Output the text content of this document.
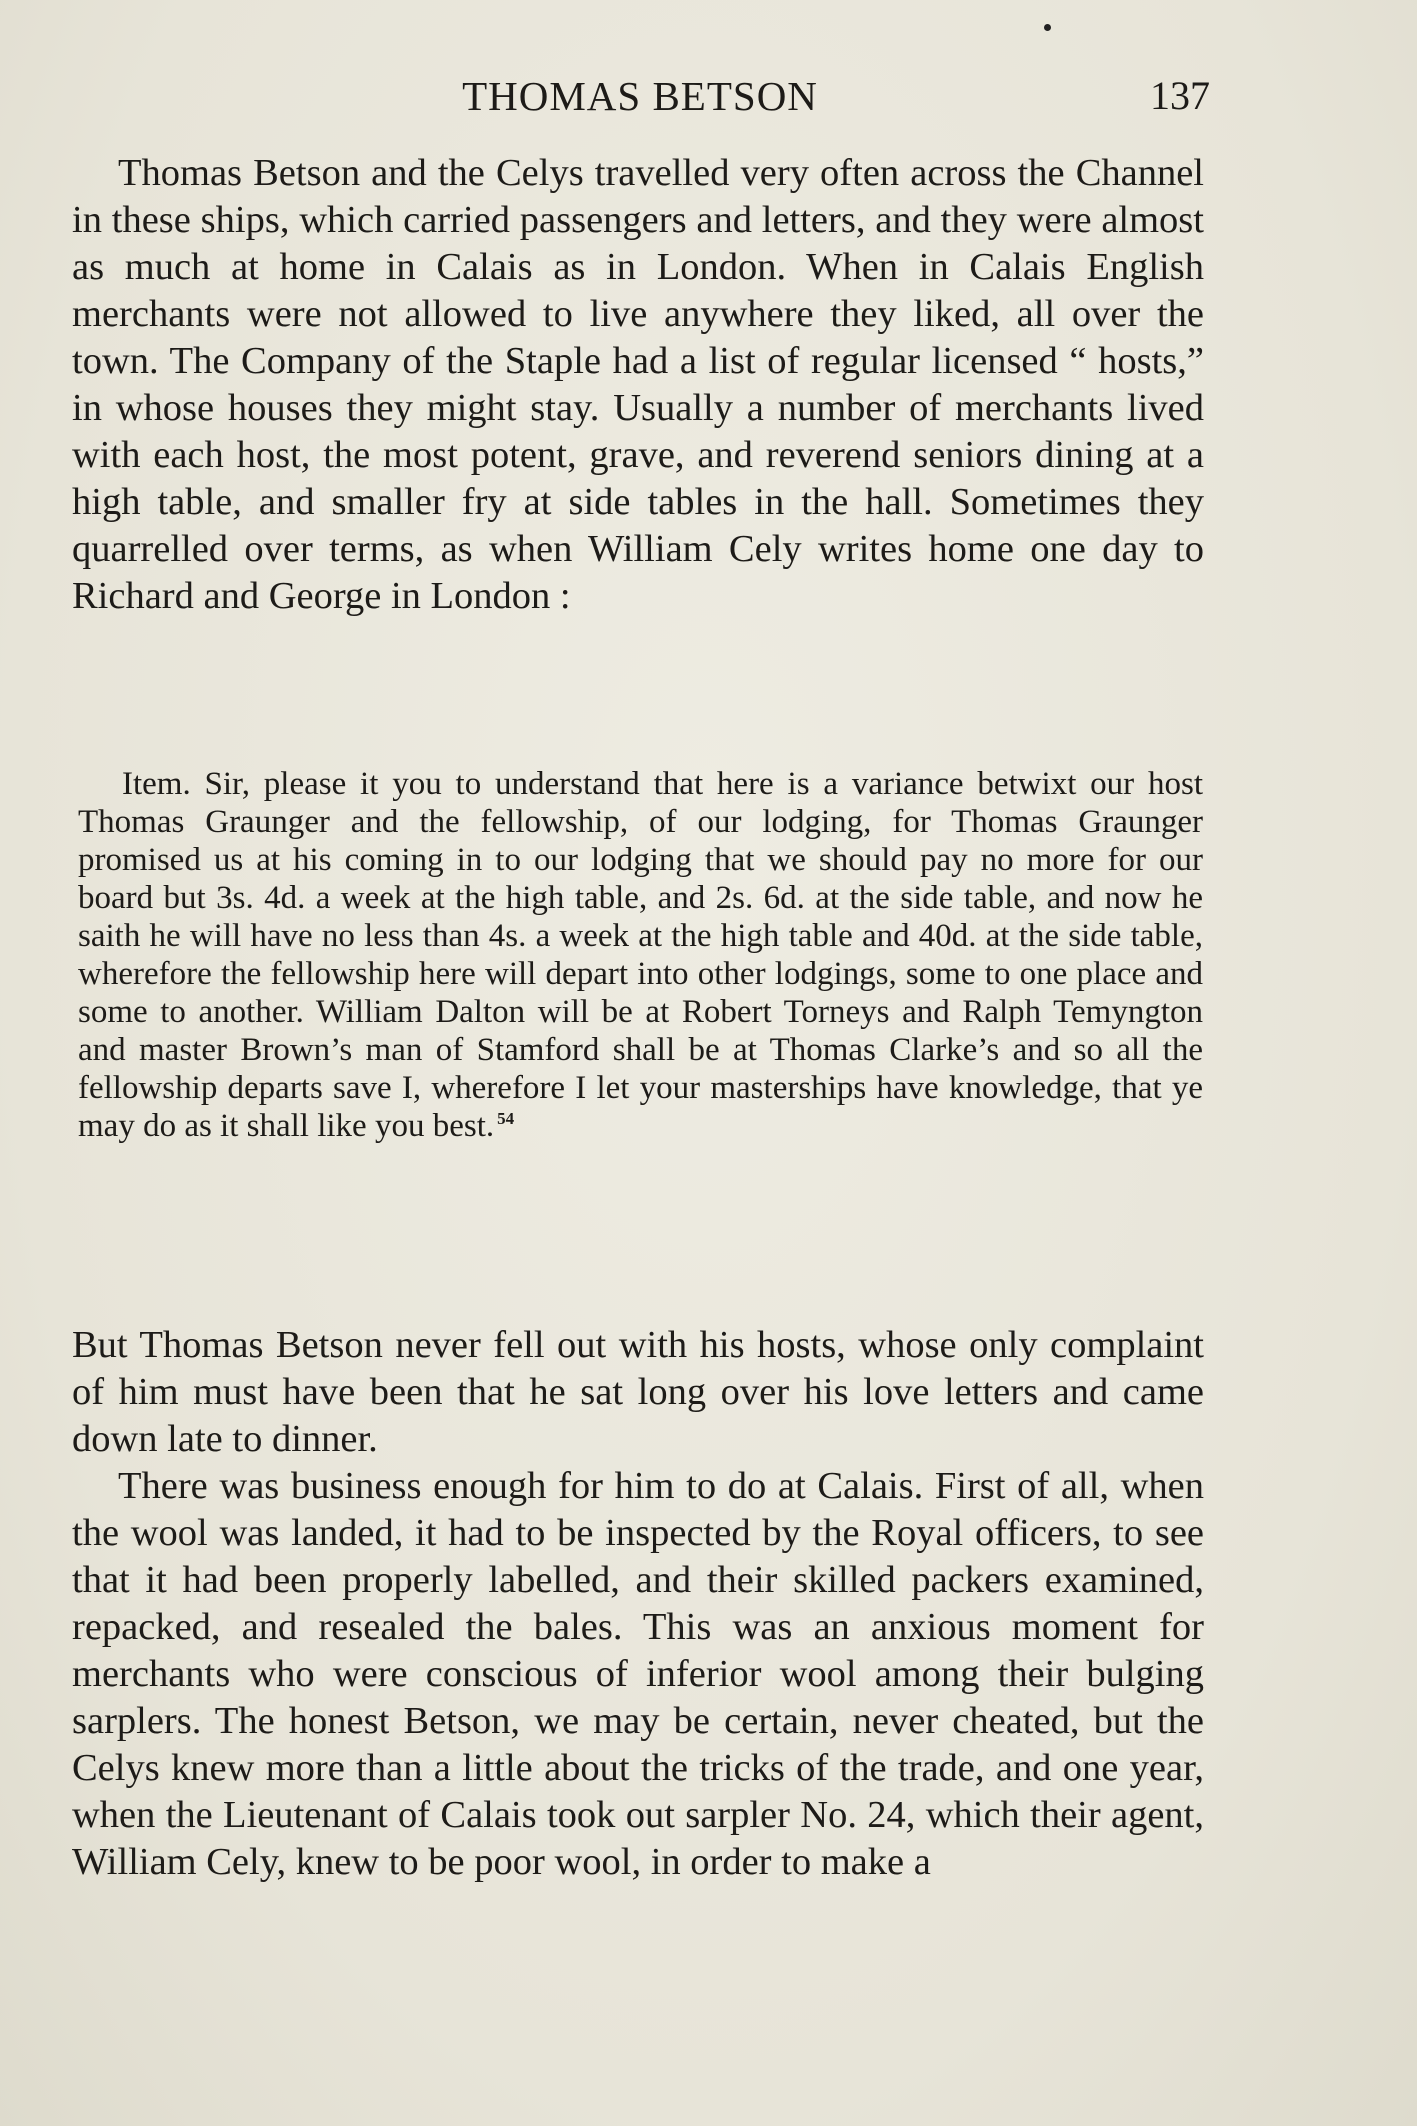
THOMAS BETSON	137

Thomas Betson and the Celys travelled very often across the Channel in these ships, which carried passengers and letters, and they were almost as much at home in Calais as in London. When in Calais English merchants were not allowed to live anywhere they liked, all over the town. The Company of the Staple had a list of regular licensed “ hosts,” in whose houses they might stay. Usually a number of merchants lived with each host, the most potent, grave, and reverend seniors dining at a high table, and smaller fry at side tables in the hall. Sometimes they quarrelled over terms, as when William Cely writes home one day to Richard and George in London :

Item. Sir, please it you to understand that here is a variance betwixt our host Thomas Graunger and the fellowship, of our lodging, for Thomas Graunger promised us at his coming in to our lodging that we should pay no more for our board but 3s. 4d. a week at the high table, and 2s. 6d. at the side table, and now he saith he will have no less than 4s. a week at the high table and 40d. at the side table, wherefore the fellowship here will depart into other lodgings, some to one place and some to another. William Dalton will be at Robert Torneys and Ralph Temyngton and master Brown’s man of Stamford shall be at Thomas Clarke’s and so all the fellowship departs save I, wherefore I let your masterships have knowledge, that ye may do as it shall like you best. $^{54}$

But Thomas Betson never fell out with his hosts, whose only complaint of him must have been that he sat long over his love letters and came down late to dinner.

There was business enough for him to do at Calais. First of all, when the wool was landed, it had to be inspected by the Royal officers, to see that it had been properly labelled, and their skilled packers examined, repacked, and resealed the bales. This was an anxious moment for merchants who were conscious of inferior wool among their bulging sarplers. The honest Betson, we may be certain, never cheated, but the Celys knew more than a little about the tricks of the trade, and one year, when the Lieutenant of Calais took out sarpler No. 24, which their agent, William Cely, knew to be poor wool, in order to make a
